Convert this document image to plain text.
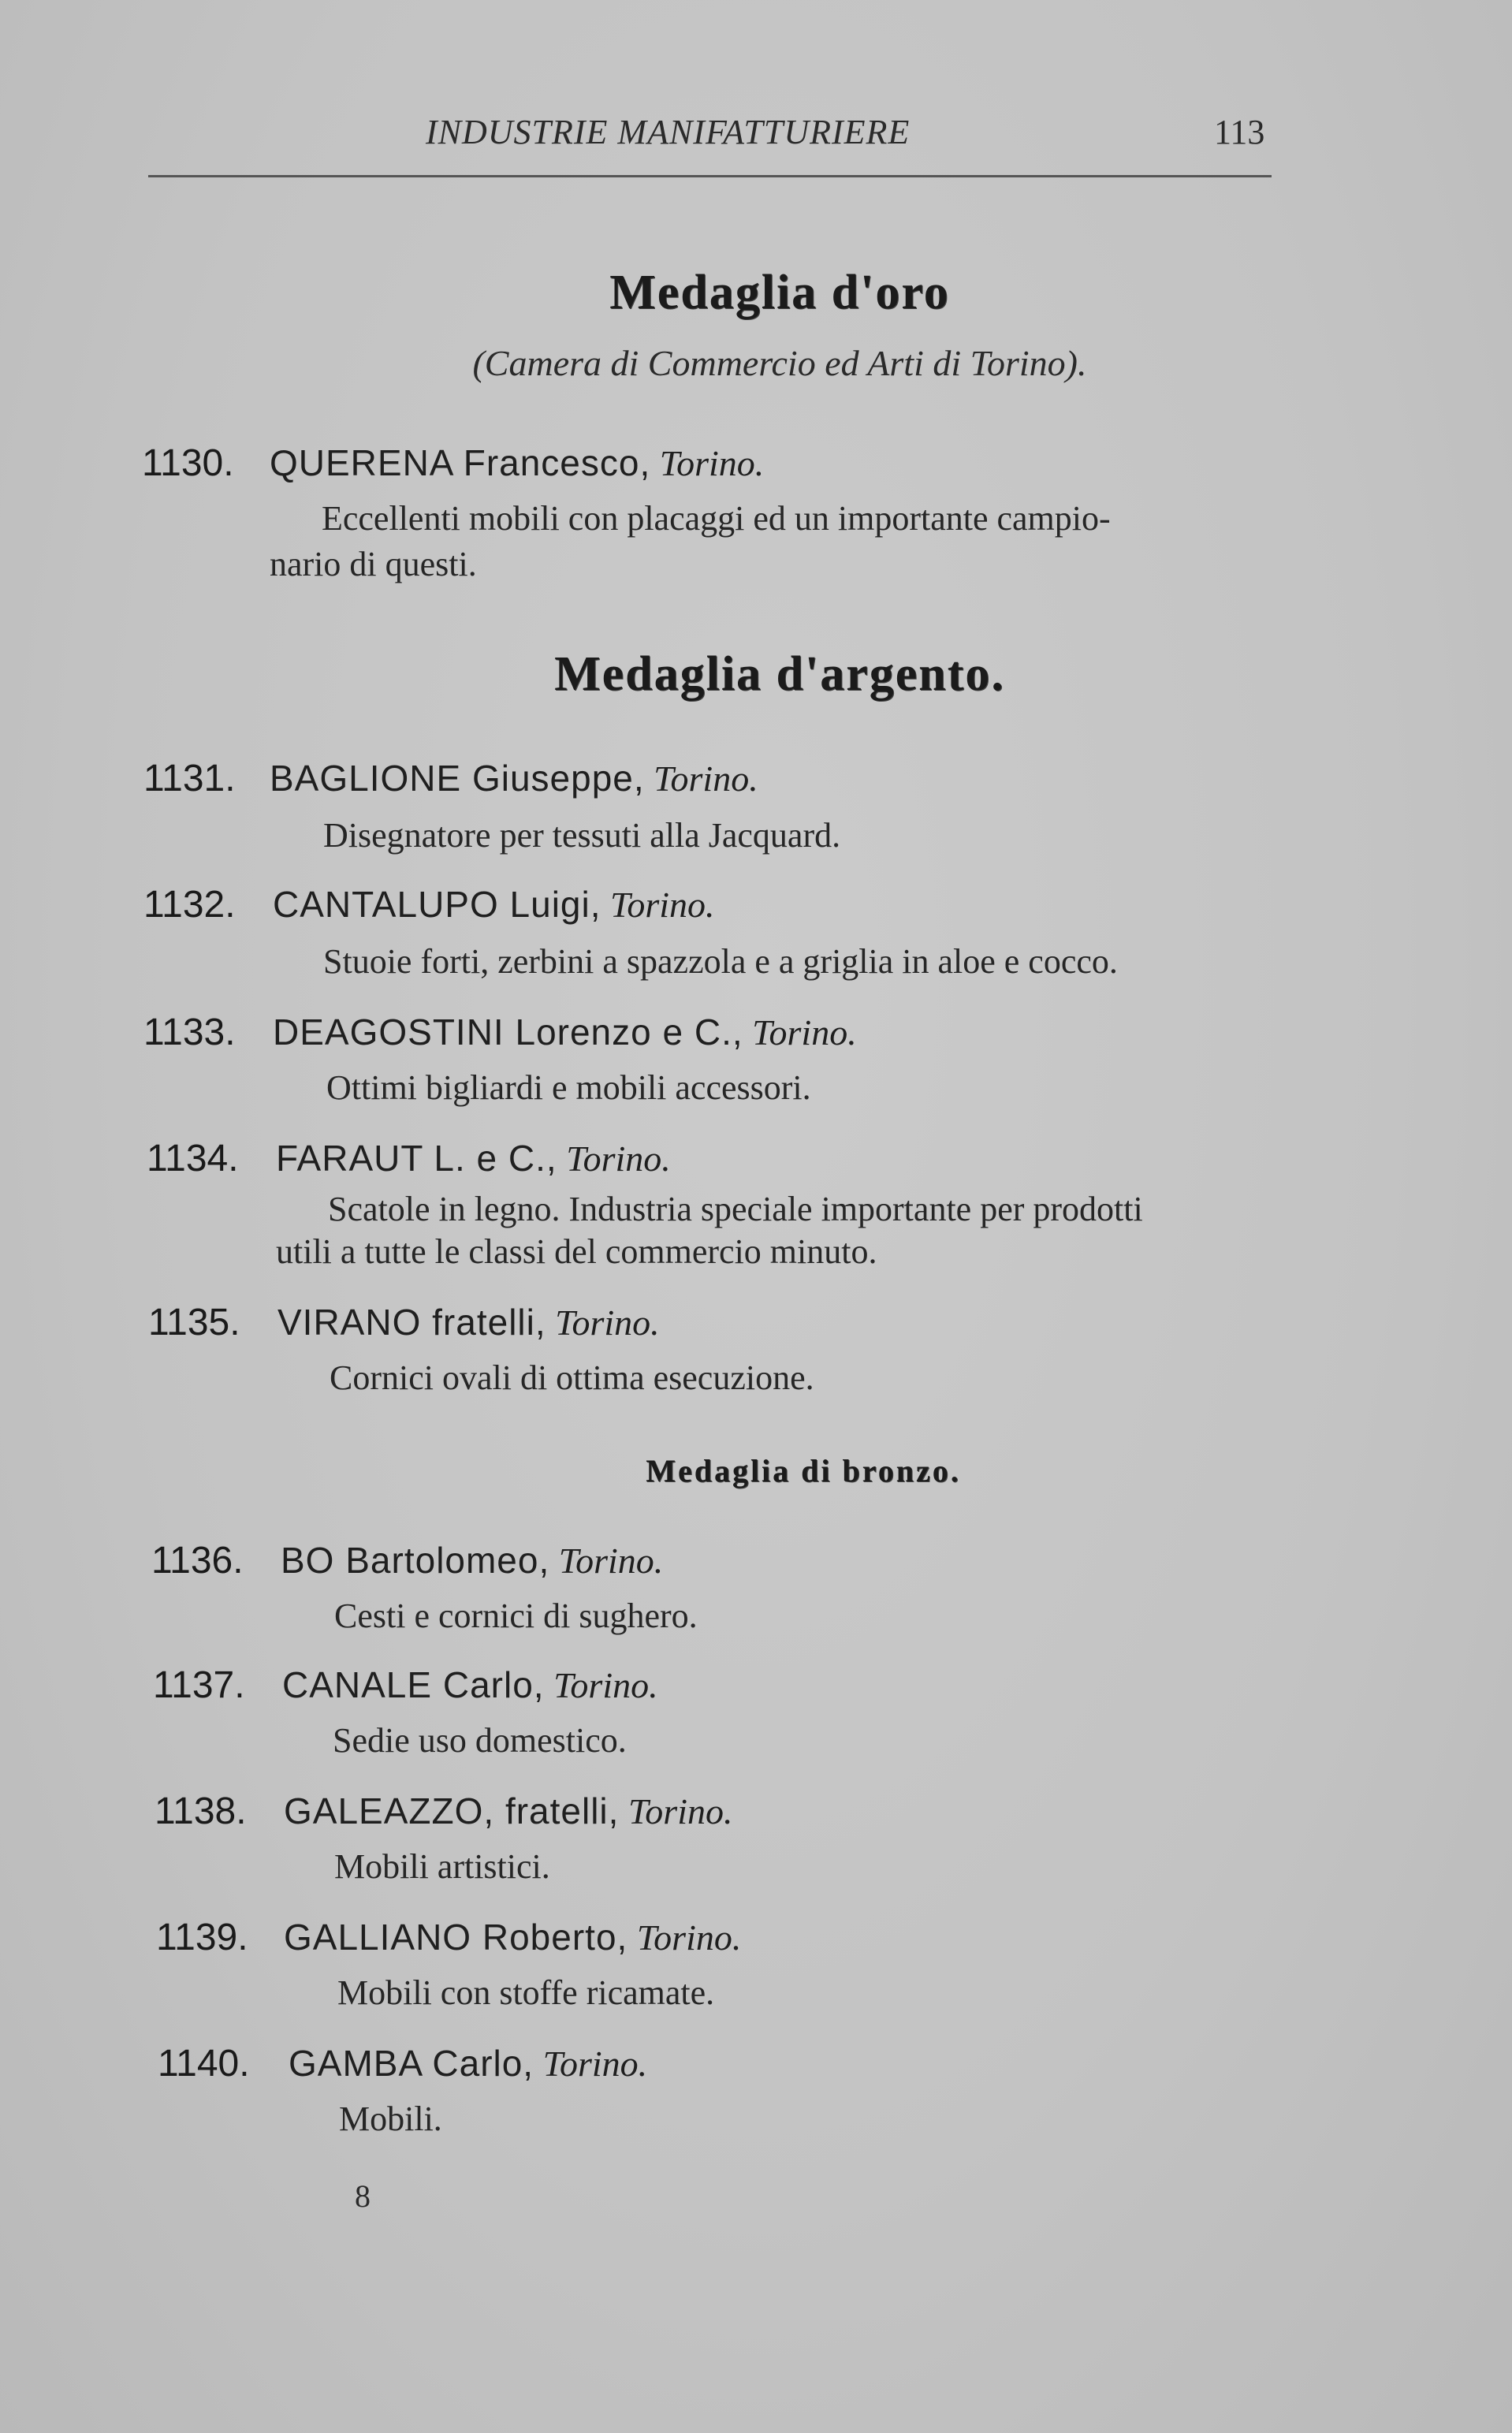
INDUSTRIE MANIFATTURIERE	113
Medaglia d'oro
(Camera di Commercio ed Arti di Torino).
1130. QUERENA Francesco, Torino.
Eccellenti mobili con placaggi ed un importante campio-
nario di questi.
Medaglia d'argento.
1131. BAGLIONE Giuseppe, Torino.
Disegnatore per tessuti alla Jacquard.
1132. CANTALUPO Luigi, Torino.
Stuoie forti, zerbini a spazzola e a griglia in aloe e cocco.
1133. DEAGOSTINI Lorenzo e C., Torino.
Ottimi bigliardi e mobili accessori.
1134. FARAUT L. e C., Torino.
Scatole in legno. Industria speciale importante per prodotti
utili a tutte le classi del commercio minuto.
1135. VIRANO fratelli, Torino.
Cornici ovali di ottima esecuzione.
Medaglia di bronzo.
1136. BO Bartolomeo, Torino.
Cesti e cornici di sughero.
1137. CANALE Carlo, Torino.
Sedie uso domestico.
1138. GALEAZZO, fratelli, Torino.
Mobili artistici.
1139. GALLIANO Roberto, Torino.
Mobili con stoffe ricamate.
1140. GAMBA Carlo, Torino.
Mobili.
8
